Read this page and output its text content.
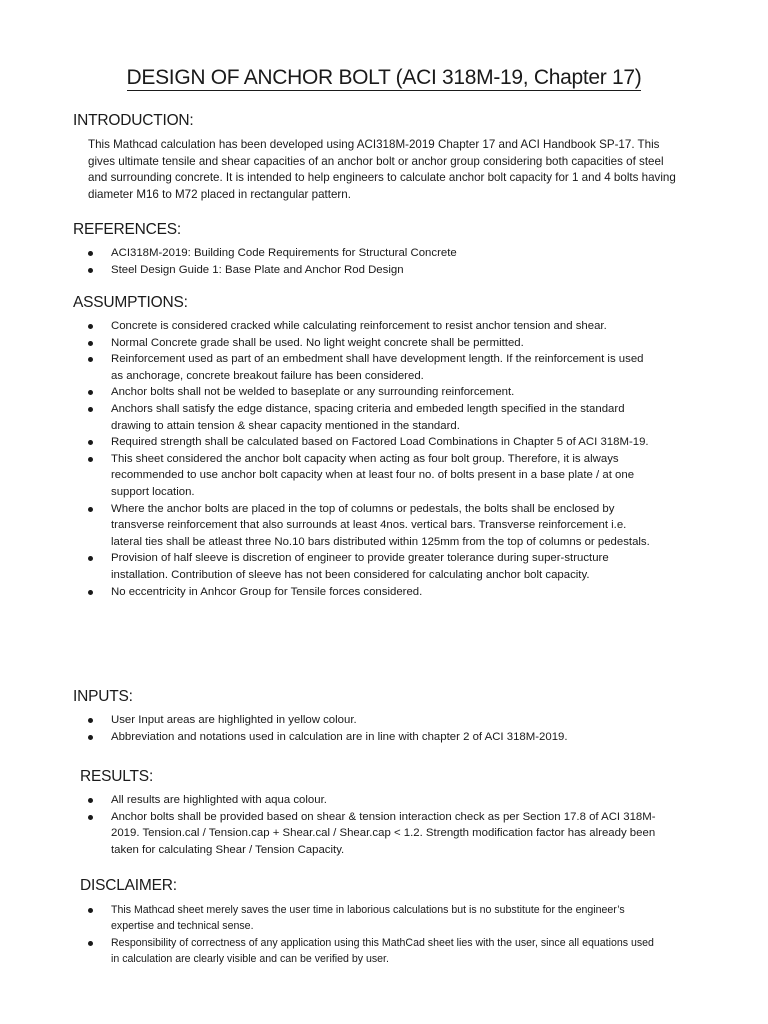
DESIGN OF ANCHOR BOLT (ACI 318M-19, Chapter 17)
INTRODUCTION:
This Mathcad calculation has been developed using ACI318M-2019 Chapter 17 and ACI Handbook SP-17. This gives ultimate tensile and shear capacities of an anchor bolt or anchor group considering both capacities of steel and surrounding concrete. It is intended to help engineers to calculate anchor bolt capacity for 1 and 4 bolts having diameter M16 to M72 placed in rectangular pattern.
REFERENCES:
ACI318M-2019: Building Code Requirements for Structural Concrete
Steel Design Guide 1: Base Plate and Anchor Rod Design
ASSUMPTIONS:
Concrete is considered cracked while calculating reinforcement to resist anchor tension and shear.
Normal Concrete grade shall be used. No light weight concrete shall be permitted.
Reinforcement used as part of an embedment shall have development length. If the reinforcement is used as anchorage, concrete breakout failure has been considered.
Anchor bolts shall not be welded to baseplate or any surrounding reinforcement.
Anchors shall satisfy the edge distance, spacing criteria and embeded length specified in the standard drawing to attain tension & shear capacity mentioned in the standard.
Required strength shall be calculated based on Factored Load Combinations in Chapter 5 of ACI 318M-19.
This sheet considered the anchor bolt capacity when acting as four bolt group. Therefore, it is always recommended to use anchor bolt capacity when at least four no. of bolts present in a base plate / at one support location.
Where the anchor bolts are placed in the top of columns or pedestals, the bolts shall be enclosed by transverse reinforcement that also surrounds at least 4nos. vertical bars. Transverse reinforcement i.e. lateral ties shall be atleast three No.10 bars distributed within 125mm from the top of columns or pedestals.
Provision of half sleeve is discretion of engineer to provide greater tolerance during super-structure installation. Contribution of sleeve has not been considered for calculating anchor bolt capacity.
No eccentricity in Anhcor Group for Tensile forces considered.
INPUTS:
User Input areas are highlighted in yellow colour.
Abbreviation and notations used in calculation are in line with chapter 2 of ACI 318M-2019.
RESULTS:
All results are highlighted with aqua colour.
Anchor bolts shall be provided based on shear & tension interaction check as per Section 17.8 of ACI 318M-2019. Tension.cal / Tension.cap + Shear.cal / Shear.cap < 1.2. Strength modification factor has already been taken for calculating Shear / Tension Capacity.
DISCLAIMER:
This Mathcad sheet merely saves the user time in laborious calculations but is no substitute for the engineer’s expertise and technical sense.
Responsibility of correctness of any application using this MathCad sheet lies with the user, since all equations used in calculation are clearly visible and can be verified by user.
